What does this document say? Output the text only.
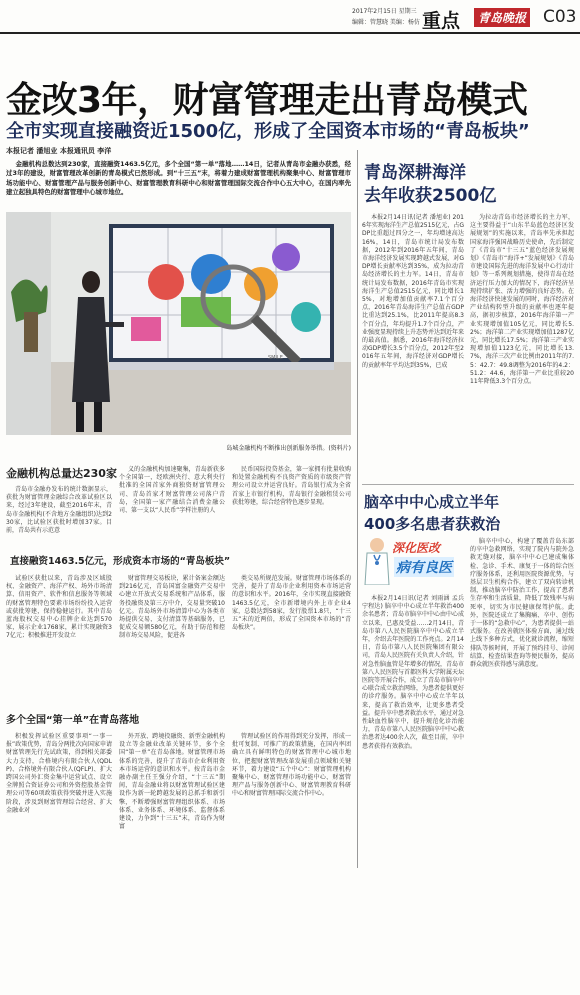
2017年2月15日 星期三
编辑：管慧晓 美编：杨仿 重点	青岛晚报 C03
金改3年，财富管理走出青岛模式
全市实现直接融资近1500亿，形成了全国资本市场的“青岛板块”
本报记者 潘旭业 本报通讯员 李洋

金融机构总数达到230家，直接融资1463.5亿元，多个全国“第一单”落地……14日，记者从青岛市金融办获悉，经过3年的建设，财富管理改革创新的青岛模式已然形成。到“十三五”末，将着力建成财富管理机构聚集中心、财富管理市场功能中心、财富管理产品与服务创新中心、财富管理教育科研中心和财富管理国际交流合作中心五大中心，在国内率先建立起独具特色的财富管理中心城市地位。

SMILE
岛城金融机构不断推出创新服务举措。(资料片)
金融机构总量达230家

青岛市金融办发布的统计数据显示，获批为财富管理金融综合改革试验区以来，经过3年建设，截至2016年末，青岛市金融机构(不含地方金融组织)达到230家，比试验区获批时增加37家。目前，青岛共有示范意

义的金融机构加速聚集，青岛新获多个全国第一，经欧洲央行、意大利央行批准的全国首家外商独资财富管理公司、青岛首家才财富管理公司落户青岛，全国第一家产融结合消费金融公司、第一支以“人民币”字样注册的人

民币国际投贷基金，第一家拥有批量收购和处置金融机构不良资产资质的市级资产管理公司设立并运营良好。青岛银行成为全省首家上市银行机构，青岛银行金融租赁公司获批筹建，综合经营特色逐步显现。

直接融资1463.5亿元，形成资本市场的“青岛板块”

试验区获批以来，青岛涉及区域股权、金融资产、海洋产权、场外市场清算、信用资产、软件和信息服务等领域的财富管理特色要素市场纷纷投入运营或获批筹建，保持稳健运行。其中青岛蓝海股权交易中心挂牌企业达到570家，展示企业1768家，累计实现融资37亿元；积极推进开发设立

财富管理交易板块，累计备案金额达到216亿元，青岛国富金融资产交易中心建立开放式交易系统和产品体系，服务投融资及第三方中介，交易量突破10亿元。青岛场外市场清算中心为各类市场提供交易、支付清算等基础服务，已促成交易额580亿元，有助于防范和控制市场交易风险，促进各

类交易所规范发展。财富管理市场体系的完善，提升了青岛市企业利用资本市场运营的意识和水平。2016年，全市实现直接融资1463.5亿元，全市新增境内外上市企业4家，总数达到58家，发行股票1.8只，“十三五”末的近两倍，形成了全国资本市场的“青岛板块”。

多个全国“第一单”在青岛落地

积极发挥试验区重要事项“一事一报”政策优势，青岛分两批次向国家申请财富管理先行先试政策，得到相关部委大力支持，合格境内有限合伙人(QDLP)、合格境外有限合伙人(QFLP)、扩大跨国公司外汇资金集中运营试点、设立全牌照合资证券公司和外资控股基金管理公司等60项政策获得突破并进入实施阶段，涉及到财富管理综合经营、扩大金融业对

外开放、跨境投融资、新型金融机构设立等金融业改革关键环节，多个全国“第一单”在青岛落地。财富管理市场体系的完善，提升了青岛市企业利用资本市场运营的意识和水平。按青岛市金融办副主任王强分介绍，“十三五”期间，青岛金融业将以财富管理试验区建设作为新一轮跨越发展的总抓手和新引擎，不断增强财富管理组织体系、市场体系、业务体系、环境体系、监督体系建设，力争到“十三五”末，青岛作为财富

管理试验区的作用得到充分发挥，形成一批可复制、可推广的政策措施，在国内率团确立具有鲜明特色的财富管理中心城市地位，把握财富管理改革发展重点领域和关键环节，着力建设“五个中心”：财富管理机构聚集中心、财富管理市场功能中心、财富管理产品与服务创新中心、财富管理教育科研中心和财富管理国际交流合作中心。

青岛深耕海洋
去年收获2500亿

本报2月14日讯(记者 潘旭业) 2016年实现海洋生产总值2515亿元，占GDP比重超过四分之一，年均增速高达16%，14日，青岛市统计局发布数据，2012年到2016年五年间，青岛市海洋经济发展实现跨越式发展，对GDP增长贡献率达到35%，成为拉动青岛经济增长的主力军。14日，青岛市统计局发布数据，2016年青岛市实现海洋生产总值2515亿元，同比增长15%，对地增加值贡献率7.1个百分点，2016年青岛海洋生产总值占GDP比重达到25.1%，比2011年提高8.3个百分点，年均提升1.7个百分点，产业强度显现持续上升态势并达到近年来的最高值。据悉，2016年海洋经济拉动GDP增长3.5个百分点，2012年至2016年五年间，海洋经济对GDP增长的贡献率年平均达到35%，已成

为拉动青岛市经济增长的主力军，这主要得益于“山东半岛蓝色经济区发展规划”的实施以来，青岛率先承担起国家海洋强国战略历史使命，先后制定了《青岛市“十三五”蓝色经济发展规划》《青岛市“海洋+”发展规划》《青岛市建设国际先进的海洋发展中心行动计划》等一系列规划措施，使得青岛在经济运行压力加大的情况下，海洋经济呈现持续扩张、活力增强的良好态势。在海洋经济快速发展的同时，海洋经济对产业结构转型升级的贡献率也逐年提高，据初步核算，2016年海洋第一产业实现增加值105亿元，同比增长5.2%；海洋第二产业实现增加值1287亿元，同比增长17.5%；海洋第三产业实现增加值1123亿元，同比增长13.7%，海洋三次产业比例由2011年的7.5：42.7：49.8调整为2016年的4.2：51.2：44.6，海洋第一产业比重较2011年降低3.3个百分点。

脑卒中中心成立半年
400多名患者获救治
深化医改
病有良医

本报2月14日讯(记者 刘雨涵 孟兵 宁程达) 脑卒中中心成立半年救治400余名患者；青岛市脑卒中中心由中心成立以来，已惠及受益……2月14日，青岛市第八人民医院脑卒中中心成立半年，介绍去年医院的工作亮点。2月14日，青岛市第八人民医院集团有限公司，青岛人民医院有关负责人介绍，针对急性脑血管是年增多的情况，青岛市第八人民医院与首都医科大学附属天坛医院等开展合作，成立了青岛市脑卒中心联合成立救治网络，为患者提供更好的诊疗服务。脑卒中中心成立半年以来，提高了救治效率，让更多患者受益。提升卒中患者救治水平，通过对急性缺血性脑卒中，提升规范化诊治能力，青岛市第八人民医院脑卒中中心救治患者达400余人次，截至目前，卒中患者获得有效救治。

脑卒中中心，构建了覆盖青岛东部的卒中急救网络，实现了院内与院外急救无缝对接，脑卒中中心已建成集体检、急诊、手术、康复于一体的综合医疗服务体系，还利用医院资源优势，与基层卫生机构合作，建立了双向转诊机制，推动脑卒中防治工作，提高了患者生存率和生活质量，降低了致残率与病死率，切实为市民健康保驾护航。此外，医院还成立了集胸痛、卒中、创伤于一体的“急救中心”，为患者提供一站式服务。在改善就医体验方面，通过线上线下多种方式，优化就诊流程，缩短排队等候时间，开展了预约挂号、诊间结算、检查结果查询等便民服务，提高群众就医获得感与满意度。
